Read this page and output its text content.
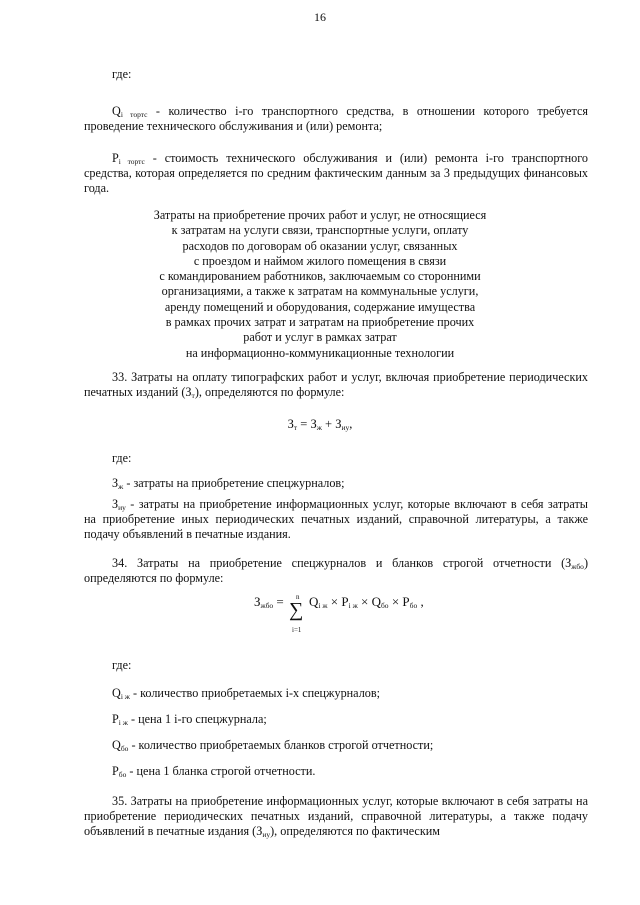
16
где:
$Q_{i тортс}$ - количество i-го транспортного средства, в отношении которого требуется проведение технического обслуживания и (или) ремонта;
$P_{i тортс}$ - стоимость технического обслуживания и (или) ремонта i-го транспортного средства, которая определяется по средним фактическим данным за 3 предыдущих финансовых года.
Затраты на приобретение прочих работ и услуг, не относящиеся
к затратам на услуги связи, транспортные услуги, оплату
расходов по договорам об оказании услуг, связанных
с проездом и наймом жилого помещения в связи
с командированием работников, заключаемым со сторонними
организациями, а также к затратам на коммунальные услуги,
аренду помещений и оборудования, содержание имущества
в рамках прочих затрат и затратам на приобретение прочих
работ и услуг в рамках затрат
на информационно-коммуникационные технологии
33. Затраты на оплату типографских работ и услуг, включая приобретение периодических печатных изданий $(З_т)$, определяются по формуле:
$З_т = З_ж + З_{иу}$,
где:
$З_ж$ - затраты на приобретение спецжурналов;
$З_{иу}$ - затраты на приобретение информационных услуг, которые включают в себя затраты на приобретение иных периодических печатных изданий, справочной литературы, а также подачу объявлений в печатные издания.
34. Затраты на приобретение спецжурналов и бланков строгой отчетности $(З_{жбо})$ определяются по формуле:
$З_{жбо} = Q_{i ж} \times P_{i ж} \times Q_{бо} \times P_{бо}$ ,
n
∑
i=1
где:
$Q_{i ж}$ - количество приобретаемых i-х спецжурналов;
$P_{i ж}$ - цена 1 i-го спецжурнала;
$Q_{бо}$ - количество приобретаемых бланков строгой отчетности;
$P_{бо}$ - цена 1 бланка строгой отчетности.
35. Затраты на приобретение информационных услуг, которые включают в себя затраты на приобретение периодических печатных изданий, справочной литературы, а также подачу объявлений в печатные издания $(З_{иу})$, определяются по фактическим
